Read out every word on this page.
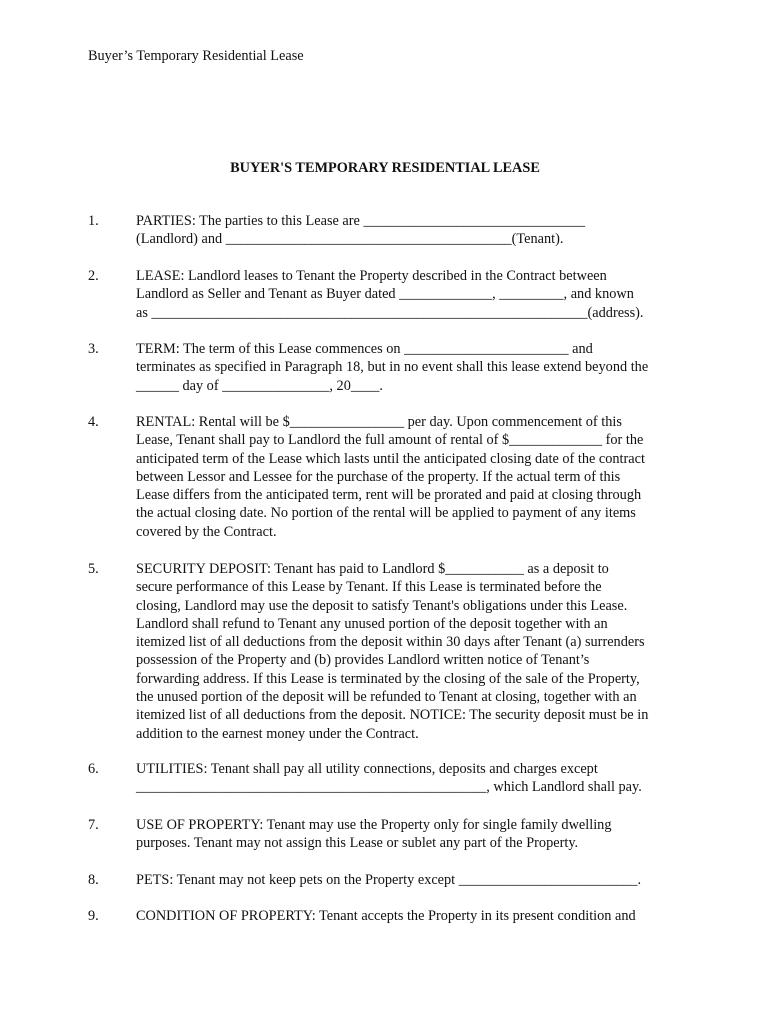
Buyer’s Temporary Residential Lease
BUYER'S TEMPORARY RESIDENTIAL LEASE
1.	PARTIES: The parties to this Lease are _______________________________
(Landlord) and ________________________________________(Tenant).
2.	LEASE: Landlord leases to Tenant the Property described in the Contract between
Landlord as Seller and Tenant as Buyer dated _____________, _________, and known
as _____________________________________________________________(address).
3.	TERM: The term of this Lease commences on _______________________ and
terminates as specified in Paragraph 18, but in no event shall this lease extend beyond the
______ day of _______________, 20____.
4.	RENTAL: Rental will be $________________ per day. Upon commencement of this
Lease, Tenant shall pay to Landlord the full amount of rental of $_____________ for the
anticipated term of the Lease which lasts until the anticipated closing date of the contract
between Lessor and Lessee for the purchase of the property. If the actual term of this
Lease differs from the anticipated term, rent will be prorated and paid at closing through
the actual closing date. No portion of the rental will be applied to payment of any items
covered by the Contract.
5.	SECURITY DEPOSIT: Tenant has paid to Landlord $___________ as a deposit to
secure performance of this Lease by Tenant. If this Lease is terminated before the
closing, Landlord may use the deposit to satisfy Tenant's obligations under this Lease.
Landlord shall refund to Tenant any unused portion of the deposit together with an
itemized list of all deductions from the deposit within 30 days after Tenant (a) surrenders
possession of the Property and (b) provides Landlord written notice of Tenant’s
forwarding address. If this Lease is terminated by the closing of the sale of the Property,
the unused portion of the deposit will be refunded to Tenant at closing, together with an
itemized list of all deductions from the deposit. NOTICE: The security deposit must be in
addition to the earnest money under the Contract.
6.	UTILITIES: Tenant shall pay all utility connections, deposits and charges except
_________________________________________________, which Landlord shall pay.
7.	USE OF PROPERTY: Tenant may use the Property only for single family dwelling
purposes. Tenant may not assign this Lease or sublet any part of the Property.
8.	PETS: Tenant may not keep pets on the Property except _________________________.
9.	CONDITION OF PROPERTY: Tenant accepts the Property in its present condition and
